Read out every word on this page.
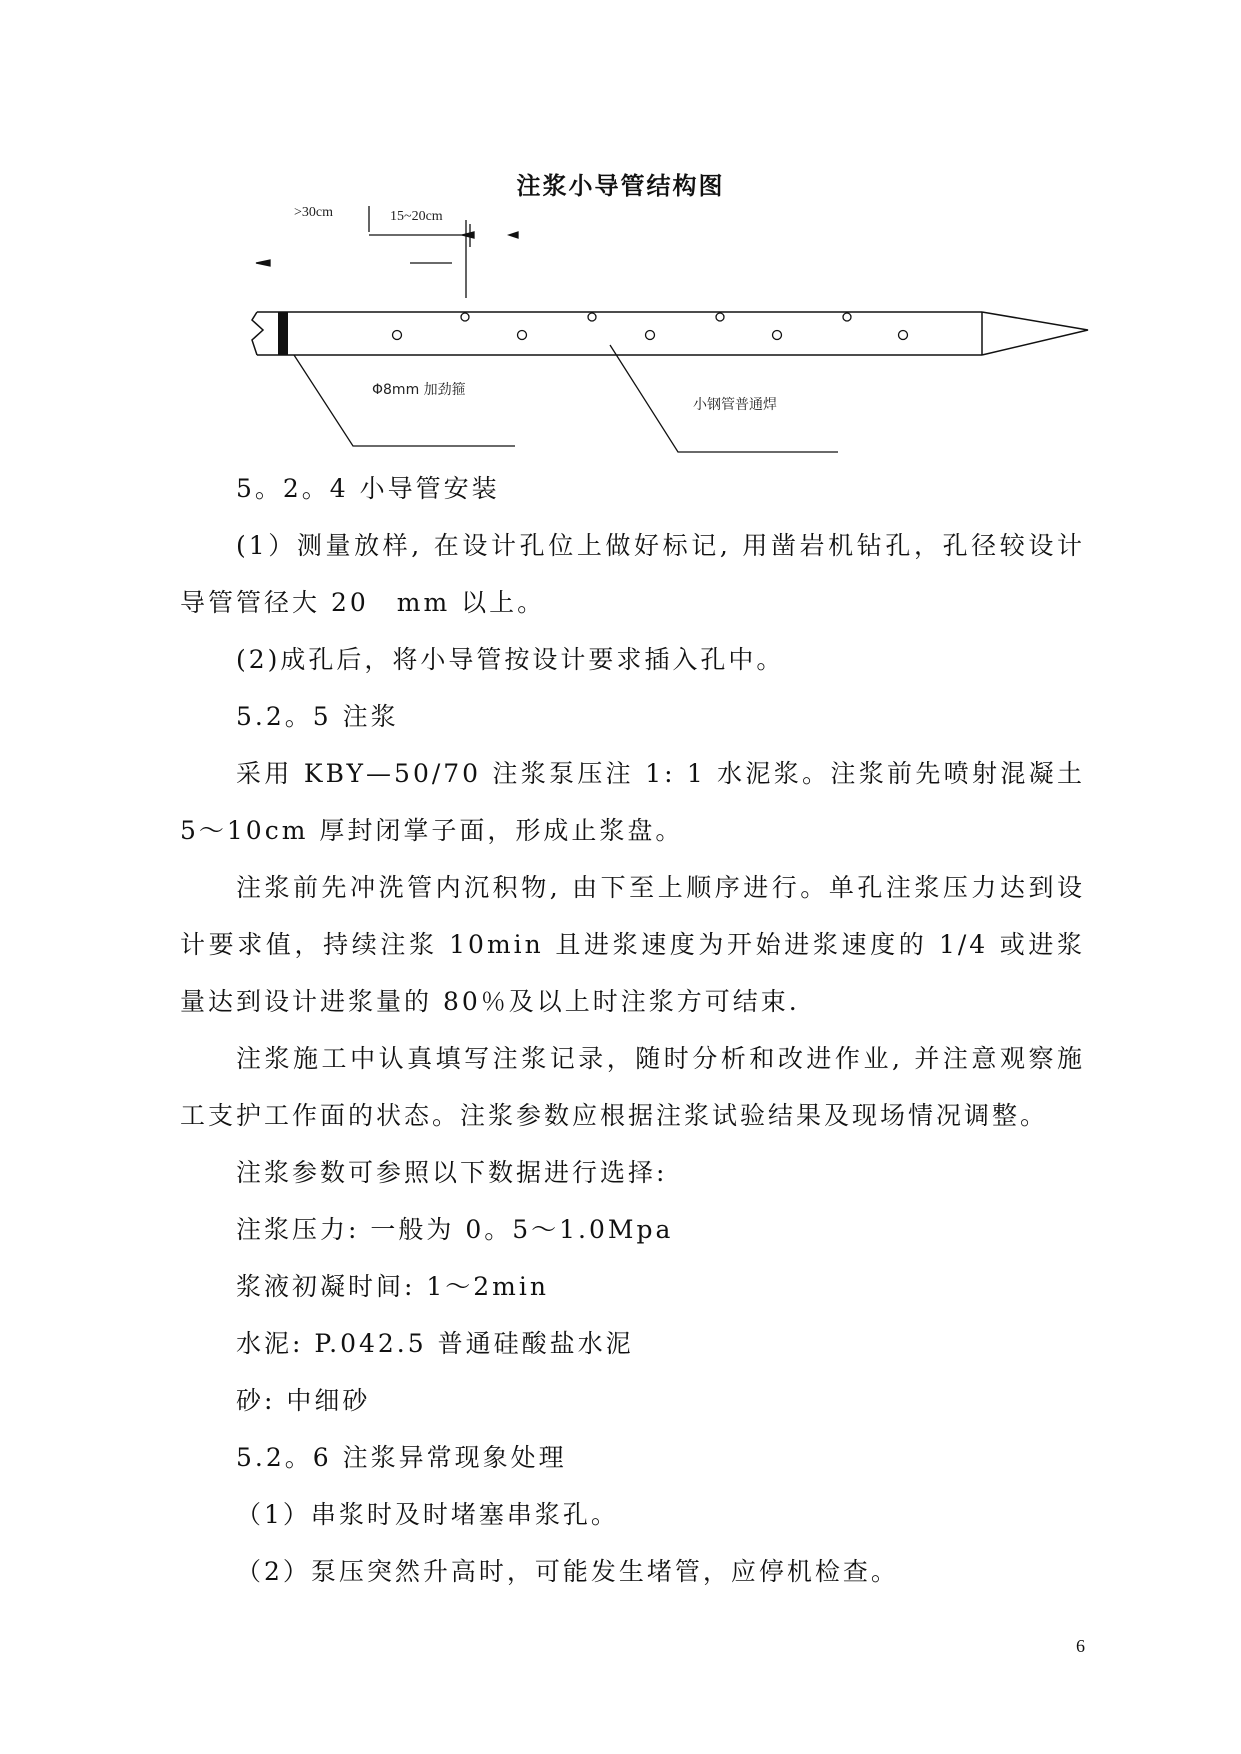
注浆小导管结构图
>30cm	15~20cm
Φ8mm 加劲箍
小钢管普通焊

5。2。4 小导管安装

(1）测量放样, 在设计孔位上做好标记, 用凿岩机钻孔，孔径较设计导管管径大 20　mm 以上。

(2)成孔后，将小导管按设计要求插入孔中。

5.2。5 注浆

采用 KBY—50/70 注浆泵压注 1: 1 水泥浆。注浆前先喷射混凝土 5～10cm 厚封闭掌子面，形成止浆盘。

注浆前先冲洗管内沉积物, 由下至上顺序进行。单孔注浆压力达到设计要求值，持续注浆 10min 且进浆速度为开始进浆速度的 1/4 或进浆量达到设计进浆量的 80％及以上时注浆方可结束.

注浆施工中认真填写注浆记录，随时分析和改进作业, 并注意观察施工支护工作面的状态。注浆参数应根据注浆试验结果及现场情况调整。

注浆参数可参照以下数据进行选择:

注浆压力: 一般为 0。5～1.0Mpa

浆液初凝时间: 1～2min

水泥: P.042.5 普通硅酸盐水泥

砂: 中细砂

5.2。6 注浆异常现象处理

（1）串浆时及时堵塞串浆孔。

（2）泵压突然升高时，可能发生堵管，应停机检查。

6
